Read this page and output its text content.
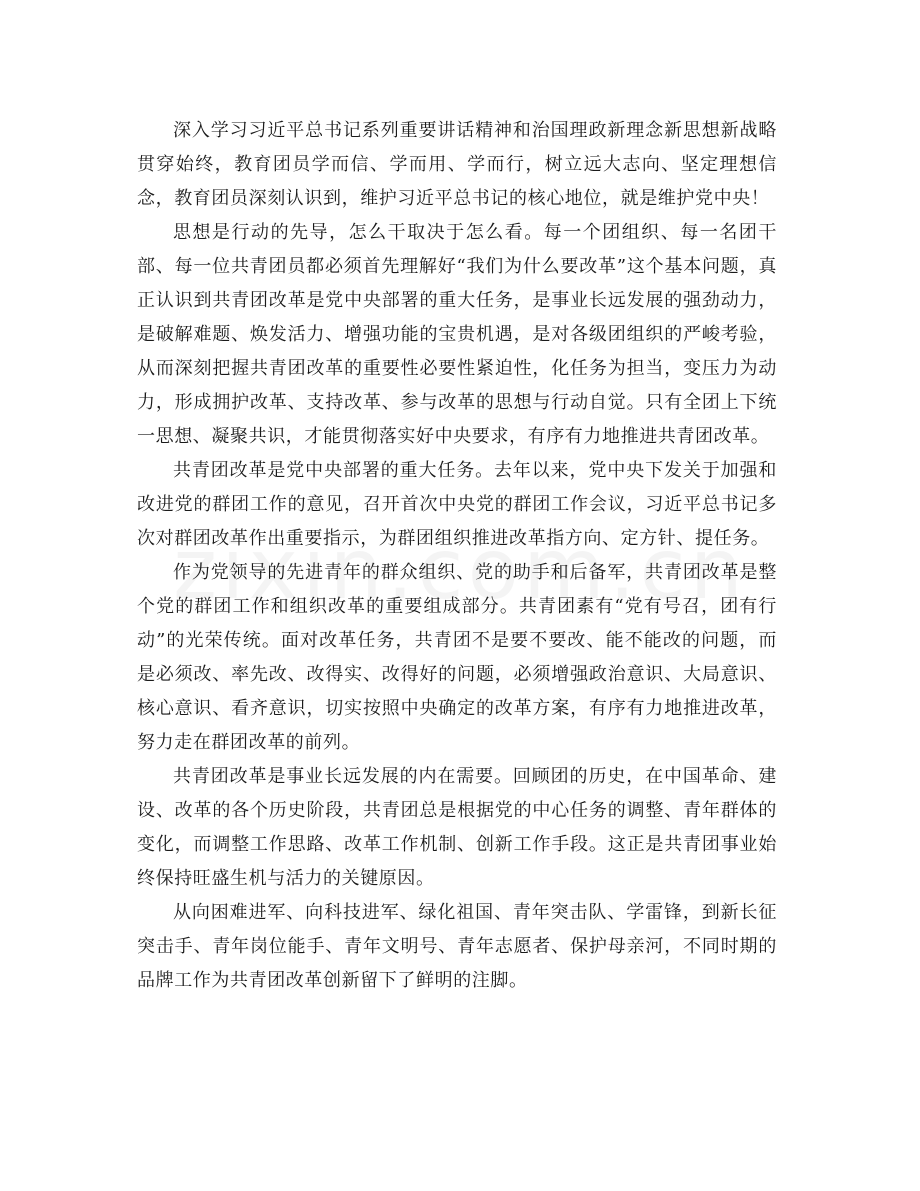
深入学习习近平总书记系列重要讲话精神和治国理政新理念新思想新战略贯穿始终，教育团员学而信、学而用、学而行，树立远大志向、坚定理想信念，教育团员深刻认识到，维护习近平总书记的核心地位，就是维护党中央！

思想是行动的先导，怎么干取决于怎么看。每一个团组织、每一名团干部、每一位共青团员都必须首先理解好“我们为什么要改革”这个基本问题，真正认识到共青团改革是党中央部署的重大任务，是事业长远发展的强劲动力，是破解难题、焕发活力、增强功能的宝贵机遇，是对各级团组织的严峻考验，从而深刻把握共青团改革的重要性必要性紧迫性，化任务为担当，变压力为动力，形成拥护改革、支持改革、参与改革的思想与行动自觉。只有全团上下统一思想、凝聚共识，才能贯彻落实好中央要求，有序有力地推进共青团改革。

共青团改革是党中央部署的重大任务。去年以来，党中央下发关于加强和改进党的群团工作的意见，召开首次中央党的群团工作会议，习近平总书记多次对群团改革作出重要指示，为群团组织推进改革指方向、定方针、提任务。

作为党领导的先进青年的群众组织、党的助手和后备军，共青团改革是整个党的群团工作和组织改革的重要组成部分。共青团素有“党有号召，团有行动”的光荣传统。面对改革任务，共青团不是要不要改、能不能改的问题，而是必须改、率先改、改得实、改得好的问题，必须增强政治意识、大局意识、核心意识、看齐意识，切实按照中央确定的改革方案，有序有力地推进改革，努力走在群团改革的前列。

共青团改革是事业长远发展的内在需要。回顾团的历史，在中国革命、建设、改革的各个历史阶段，共青团总是根据党的中心任务的调整、青年群体的变化，而调整工作思路、改革工作机制、创新工作手段。这正是共青团事业始终保持旺盛生机与活力的关键原因。

从向困难进军、向科技进军、绿化祖国、青年突击队、学雷锋，到新长征突击手、青年岗位能手、青年文明号、青年志愿者、保护母亲河，不同时期的品牌工作为共青团改革创新留下了鲜明的注脚。
